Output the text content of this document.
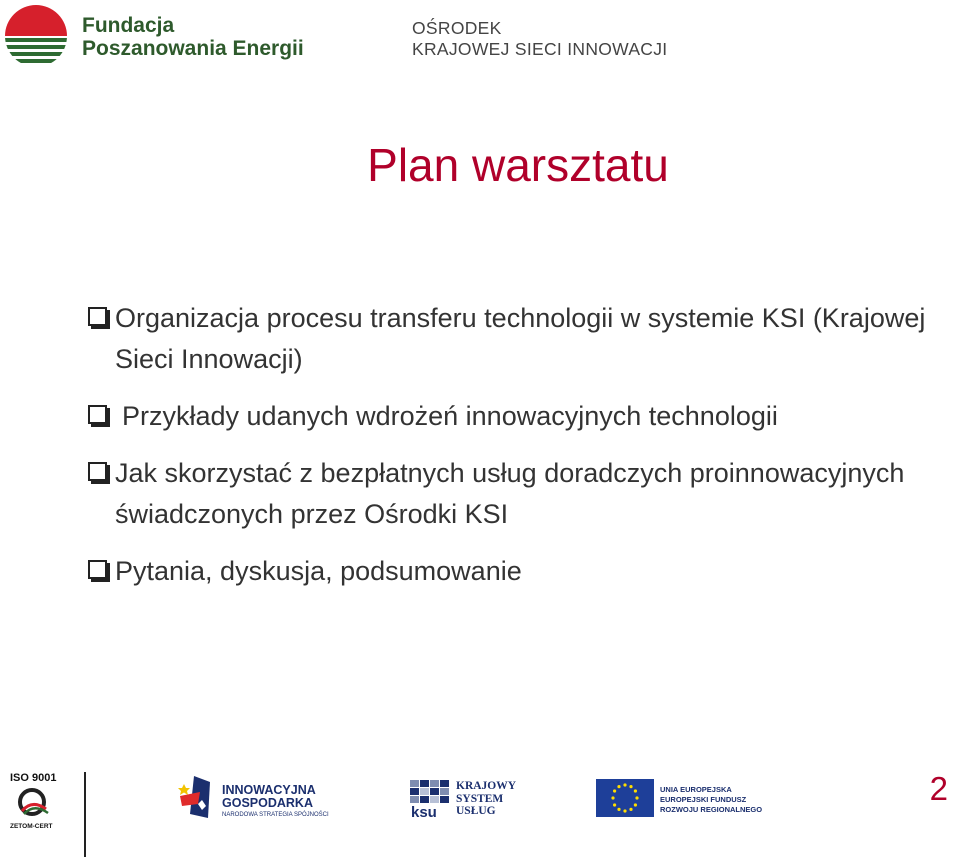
Fundacja
Poszanowania Energii
OŚRODEK
KRAJOWEJ SIECI INNOWACJI
Plan warsztatu
Organizacja procesu transferu technologii w systemie KSI (Krajowej Sieci Innowacji)
Przykłady udanych wdrożeń innowacyjnych technologii
Jak skorzystać z bezpłatnych usług doradczych proinnowacyjnych świadczonych przez Ośrodki KSI
Pytania, dyskusja, podsumowanie
ISO 9001
ZETOM-CERT
INNOWACYJNA
GOSPODARKA
NARODOWA STRATEGIA SPÓJNOŚCI	ksu
KRAJOWY
SYSTEM
USŁUG
UNIA EUROPEJSKA
EUROPEJSKI FUNDUSZ
ROZWOJU REGIONALNEGO
2
